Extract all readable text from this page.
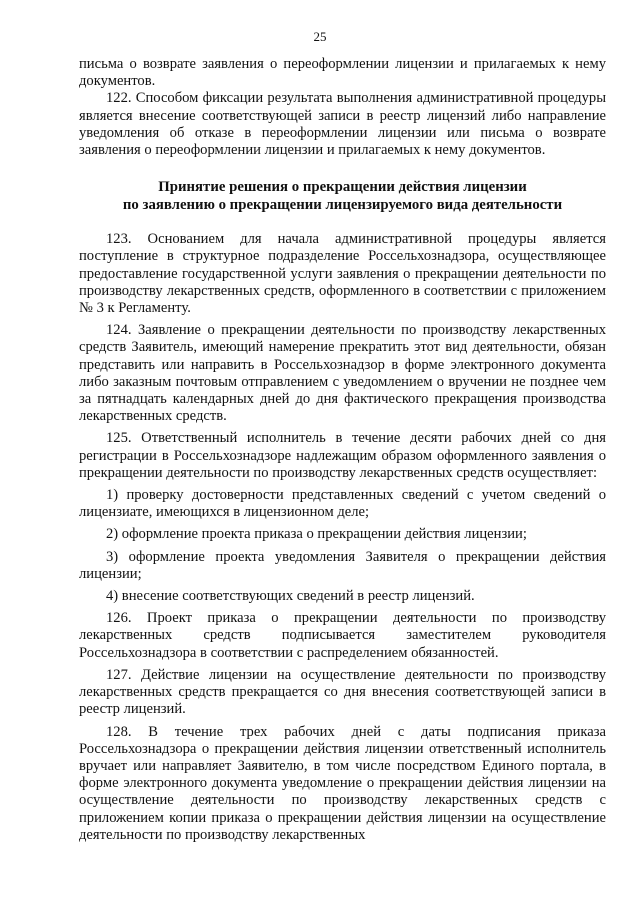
25

письма о возврате заявления о переоформлении лицензии и прилагаемых к нему документов.

122. Способом фиксации результата выполнения административной процедуры является внесение соответствующей записи в реестр лицензий либо направление уведомления об отказе в переоформлении лицензии или письма о возврате заявления о переоформлении лицензии и прилагаемых к нему документов.

Принятие решения о прекращении действия лицензии
по заявлению о прекращении лицензируемого вида деятельности

123. Основанием для начала административной процедуры является поступление в структурное подразделение Россельхознадзора, осуществляющее предоставление государственной услуги заявления о прекращении деятельности по производству лекарственных средств, оформленного в соответствии с приложением № 3 к Регламенту.

124. Заявление о прекращении деятельности по производству лекарственных средств Заявитель, имеющий намерение прекратить этот вид деятельности, обязан представить или направить в Россельхознадзор в форме электронного документа либо заказным почтовым отправлением с уведомлением о вручении не позднее чем за пятнадцать календарных дней до дня фактического прекращения производства лекарственных средств.

125. Ответственный исполнитель в течение десяти рабочих дней со дня регистрации в Россельхознадзоре надлежащим образом оформленного заявления о прекращении деятельности по производству лекарственных средств осуществляет:

1) проверку достоверности представленных сведений с учетом сведений о лицензиате, имеющихся в лицензионном деле;

2) оформление проекта приказа о прекращении действия лицензии;

3) оформление проекта уведомления Заявителя о прекращении действия лицензии;

4) внесение соответствующих сведений в реестр лицензий.

126. Проект приказа о прекращении деятельности по производству лекарственных средств подписывается заместителем руководителя Россельхознадзора в соответствии с распределением обязанностей.

127. Действие лицензии на осуществление деятельности по производству лекарственных средств прекращается со дня внесения соответствующей записи в реестр лицензий.

128. В течение трех рабочих дней с даты подписания приказа Россельхознадзора о прекращении действия лицензии ответственный исполнитель вручает или направляет Заявителю, в том числе посредством Единого портала, в форме электронного документа уведомление о прекращении действия лицензии на осуществление деятельности по производству лекарственных средств с приложением копии приказа о прекращении действия лицензии на осуществление деятельности по производству лекарственных
